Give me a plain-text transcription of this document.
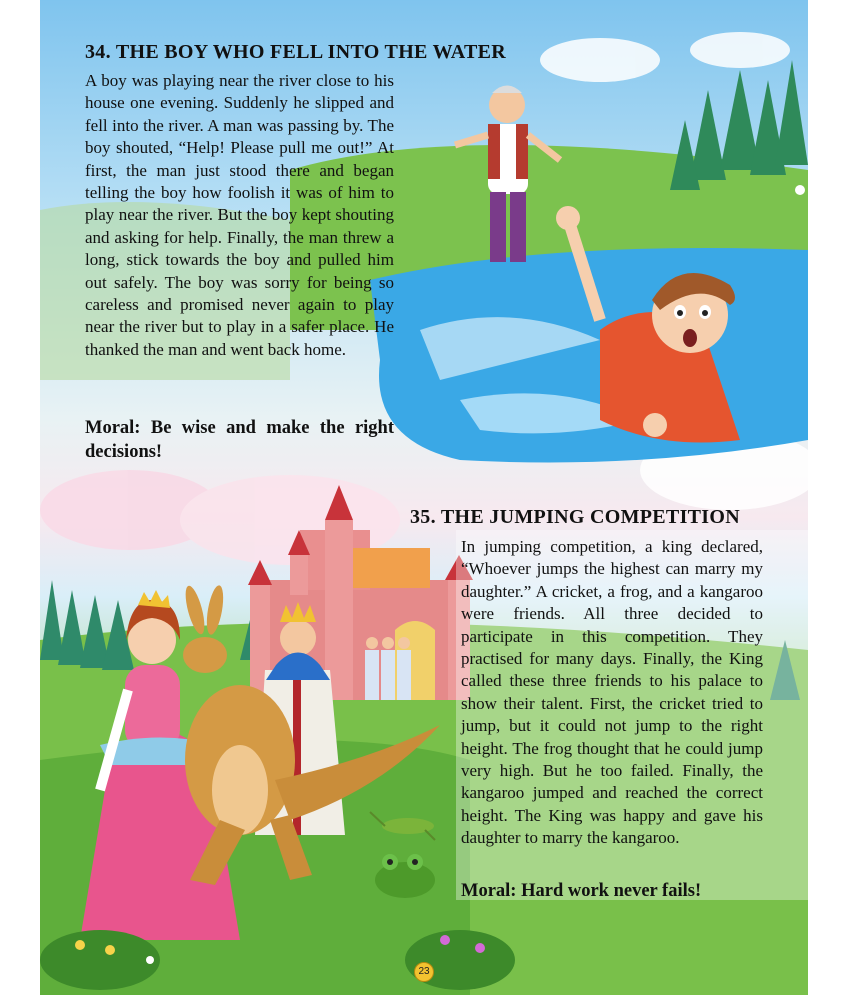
34. THE BOY WHO FELL INTO THE WATER
A boy was playing near the river close to his house one evening. Suddenly he slipped and fell into the river. A man was passing by. The boy shouted, “Help! Please pull me out!” At first, the man just stood there and began telling the boy how foolish it was of him to play near the river. But the boy kept shouting and asking for help. Finally, the man threw a long, stick towards the boy and pulled him out safely. The boy was sorry for being so careless and promised never again to play near the river but to play in a safer place. He thanked the man and went back home.
Moral: Be wise and make the right decisions!
35. THE JUMPING COMPETITION
In jumping competition, a king declared, “Whoever jumps the highest can marry my daughter.” A cricket, a frog, and a kangaroo were friends. All three decided to participate in this competition. They practised for many days. Finally, the King called these three friends to his palace to show their talent. First, the cricket tried to jump, but it could not jump to the right height. The frog thought that he could jump very high. But he too failed. Finally, the kangaroo jumped and reached the correct height. The King was happy and gave his daughter to marry the kangaroo.
Moral: Hard work never fails!
23
